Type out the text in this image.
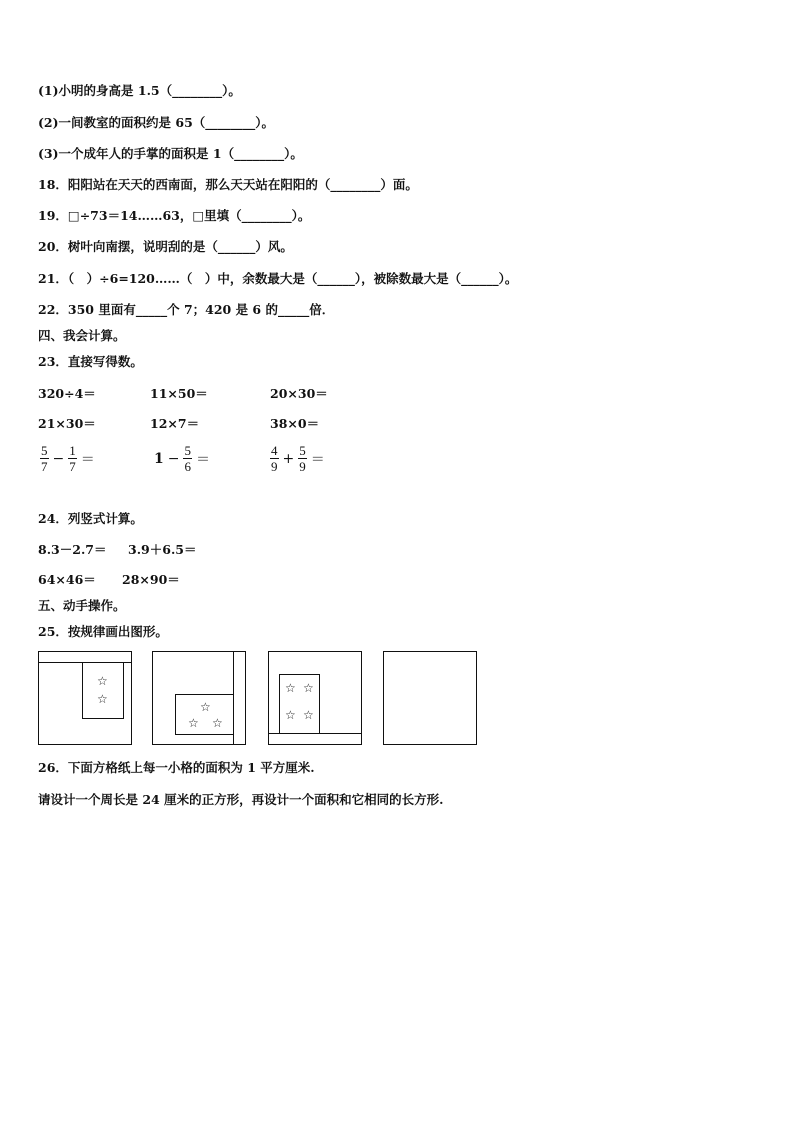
(1)小明的身高是 1.5（________）。
(2)一间教室的面积约是 65（________）。
(3)一个成年人的手掌的面积是 1（________）。
18．阳阳站在天天的西南面，那么天天站在阳阳的（________）面。
19．□÷73＝14……63，□里填（________）。
20．树叶向南摆，说明刮的是（______）风。
21．（　）÷6=120……（　）中，余数最大是（______），被除数最大是（______）。
22．350 里面有_____个 7；420 是 6 的_____倍．
四、我会计算。
23．直接写得数。
320÷4＝	11×50＝	20×30＝
21×30＝	12×7＝	38×0＝
$\frac{5}{7} - \frac{1}{7}$ ＝	$1 - \frac{5}{6}$ ＝	$\frac{4}{9} + \frac{5}{9}$ ＝
24．列竖式计算。
8.3－2.7＝ 3.9＋6.5＝
64×46＝ 28×90＝
五、动手操作。
25．按规律画出图形。
☆
☆
☆
☆ ☆
☆ ☆
☆ ☆
26．下面方格纸上每一小格的面积为 1 平方厘米.
请设计一个周长是 24 厘米的正方形，再设计一个面积和它相同的长方形.
